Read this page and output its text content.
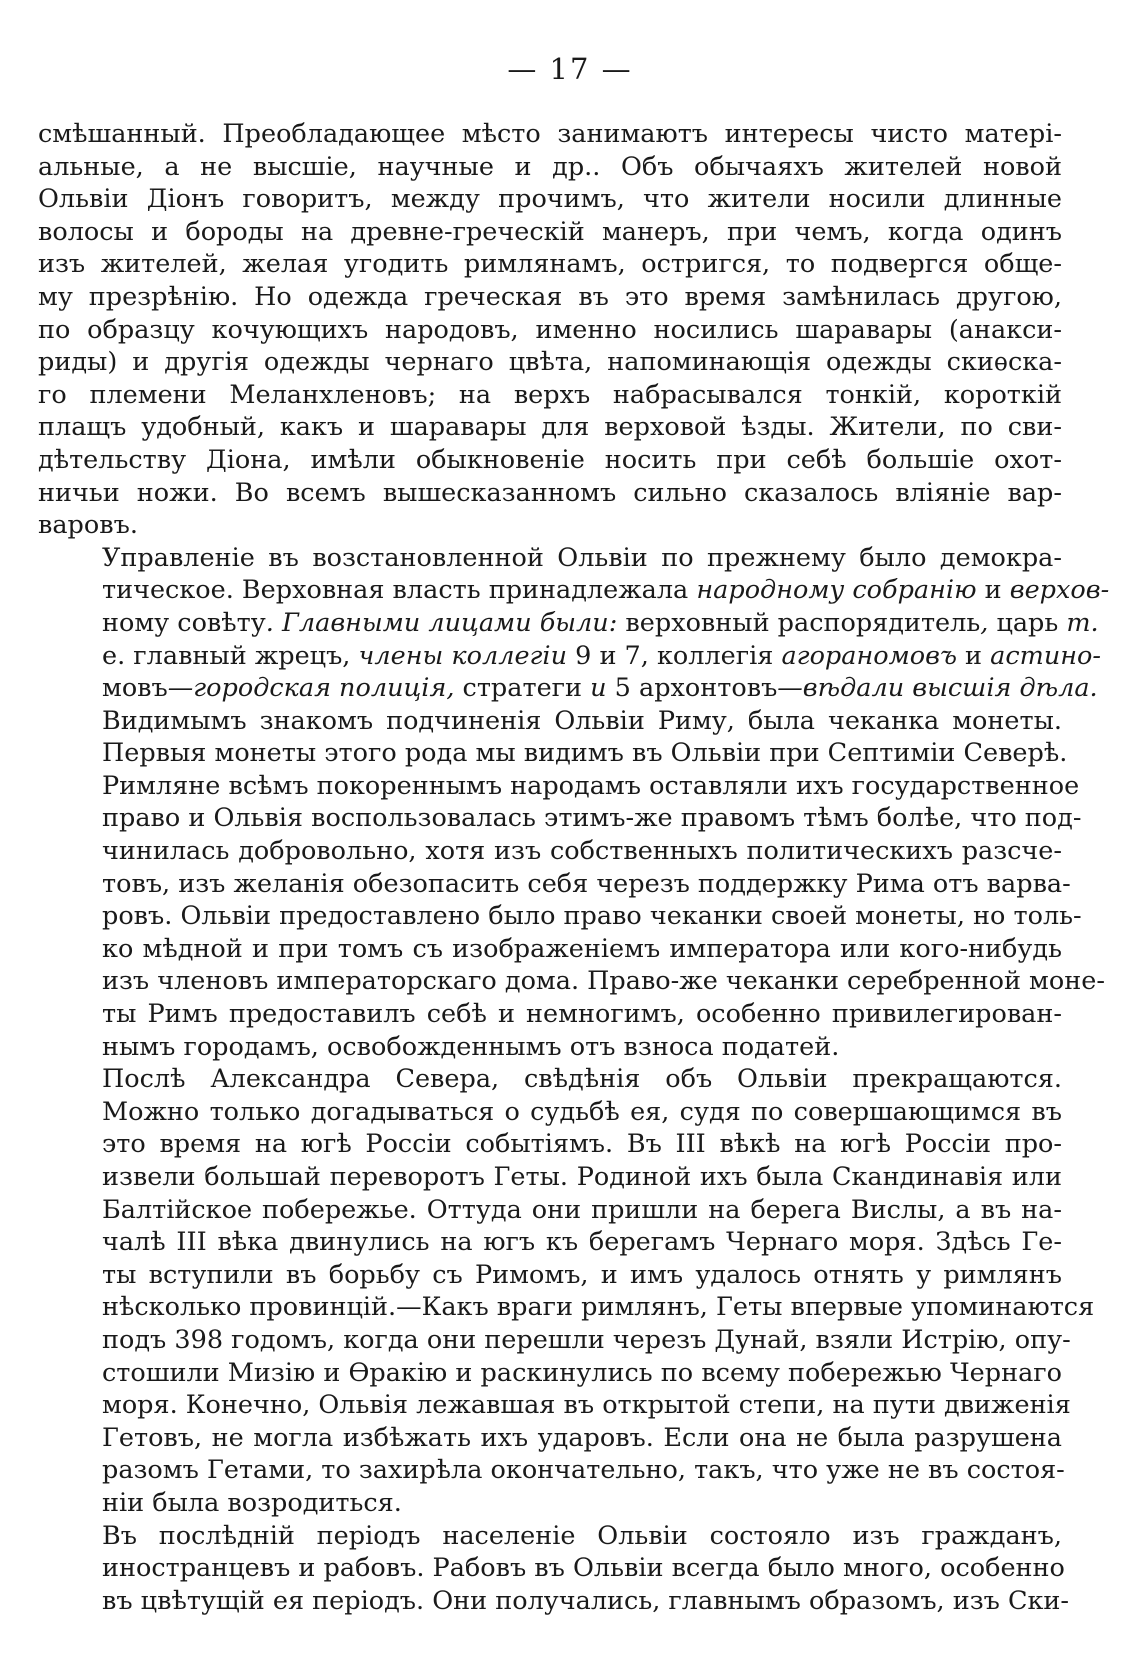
— 17 —
смѣшанный. Преобладающее мѣсто занимаютъ интересы чисто матері-
альные, а не высшіе, научные и др.. Объ обычаяхъ жителей новой
Ольвіи Діонъ говоритъ, между прочимъ, что жители носили длинные
волосы и бороды на древне-греческій манеръ, при чемъ, когда одинъ
изъ жителей, желая угодить римлянамъ, остригся, то подвергся обще-
му презрѣнію. Но одежда греческая въ это время замѣнилась другою,
по образцу кочующихъ народовъ, именно носились шаравары (анакси-
риды) и другія одежды чернаго цвѣта, напоминающія одежды скиѳска-
го племени Меланхленовъ; на верхъ набрасывался тонкій, короткій
плащъ удобный, какъ и шаравары для верховой ѣзды. Жители, по сви-
дѣтельству Діона, имѣли обыкновеніе носить при себѣ большіе охот-
ничьи ножи. Во всемъ вышесказанномъ сильно сказалось вліяніе вар-
варовъ.
Управленіе въ возстановленной Ольвіи по прежнему было демокра-
тическое. Верховная власть принадлежала народному собранію и верхов-
ному совѣту. Главными лицами были: верховный распорядитель, царь т.
е. главный жрецъ, члены коллегіи 9 и 7, коллегія агораномовъ и астино-
мовъ—городская полиція, стратеги и 5 архонтовъ—вѣдали высшія дѣла.
Видимымъ знакомъ подчиненія Ольвіи Риму, была чеканка монеты.
Первыя монеты этого рода мы видимъ въ Ольвіи при Септиміи Северѣ.
Римляне всѣмъ покореннымъ народамъ оставляли ихъ государственное
право и Ольвія воспользовалась этимъ-же правомъ тѣмъ болѣе, что под-
чинилась добровольно, хотя изъ собственныхъ политическихъ разсче-
товъ, изъ желанія обезопасить себя черезъ поддержку Рима отъ варва-
ровъ. Ольвіи предоставлено было право чеканки своей монеты, но толь-
ко мѣдной и при томъ съ изображеніемъ императора или кого-нибудь
изъ членовъ императорскаго дома. Право-же чеканки серебренной моне-
ты Римъ предоставилъ себѣ и немногимъ, особенно привилегирован-
нымъ городамъ, освобожденнымъ отъ взноса податей.
Послѣ Александра Севера, свѣдѣнія объ Ольвіи прекращаются.
Можно только догадываться о судьбѣ ея, судя по совершающимся въ
это время на югѣ Россіи событіямъ. Въ III вѣкѣ на югѣ Россіи про-
извели большай переворотъ Геты. Родиной ихъ была Скандинавія или
Балтійское побережье. Оттуда они пришли на берега Вислы, а въ на-
чалѣ III вѣка двинулись на югъ къ берегамъ Чернаго моря. Здѣсь Ге-
ты вступили въ борьбу съ Римомъ, и имъ удалось отнять у римлянъ
нѣсколько провинцій.—Какъ враги римлянъ, Геты впервые упоминаются
подъ 398 годомъ, когда они перешли черезъ Дунай, взяли Истрію, опу-
стошили Мизію и Ѳракію и раскинулись по всему побережью Чернаго
моря. Конечно, Ольвія лежавшая въ открытой степи, на пути движенія
Гетовъ, не могла избѣжать ихъ ударовъ. Если она не была разрушена
разомъ Гетами, то захирѣла окончательно, такъ, что уже не въ состоя-
ніи была возродиться.
Въ послѣдній періодъ населеніе Ольвіи состояло изъ гражданъ,
иностранцевъ и рабовъ. Рабовъ въ Ольвіи всегда было много, особенно
въ цвѣтущій ея періодъ. Они получались, главнымъ образомъ, изъ Ски-
